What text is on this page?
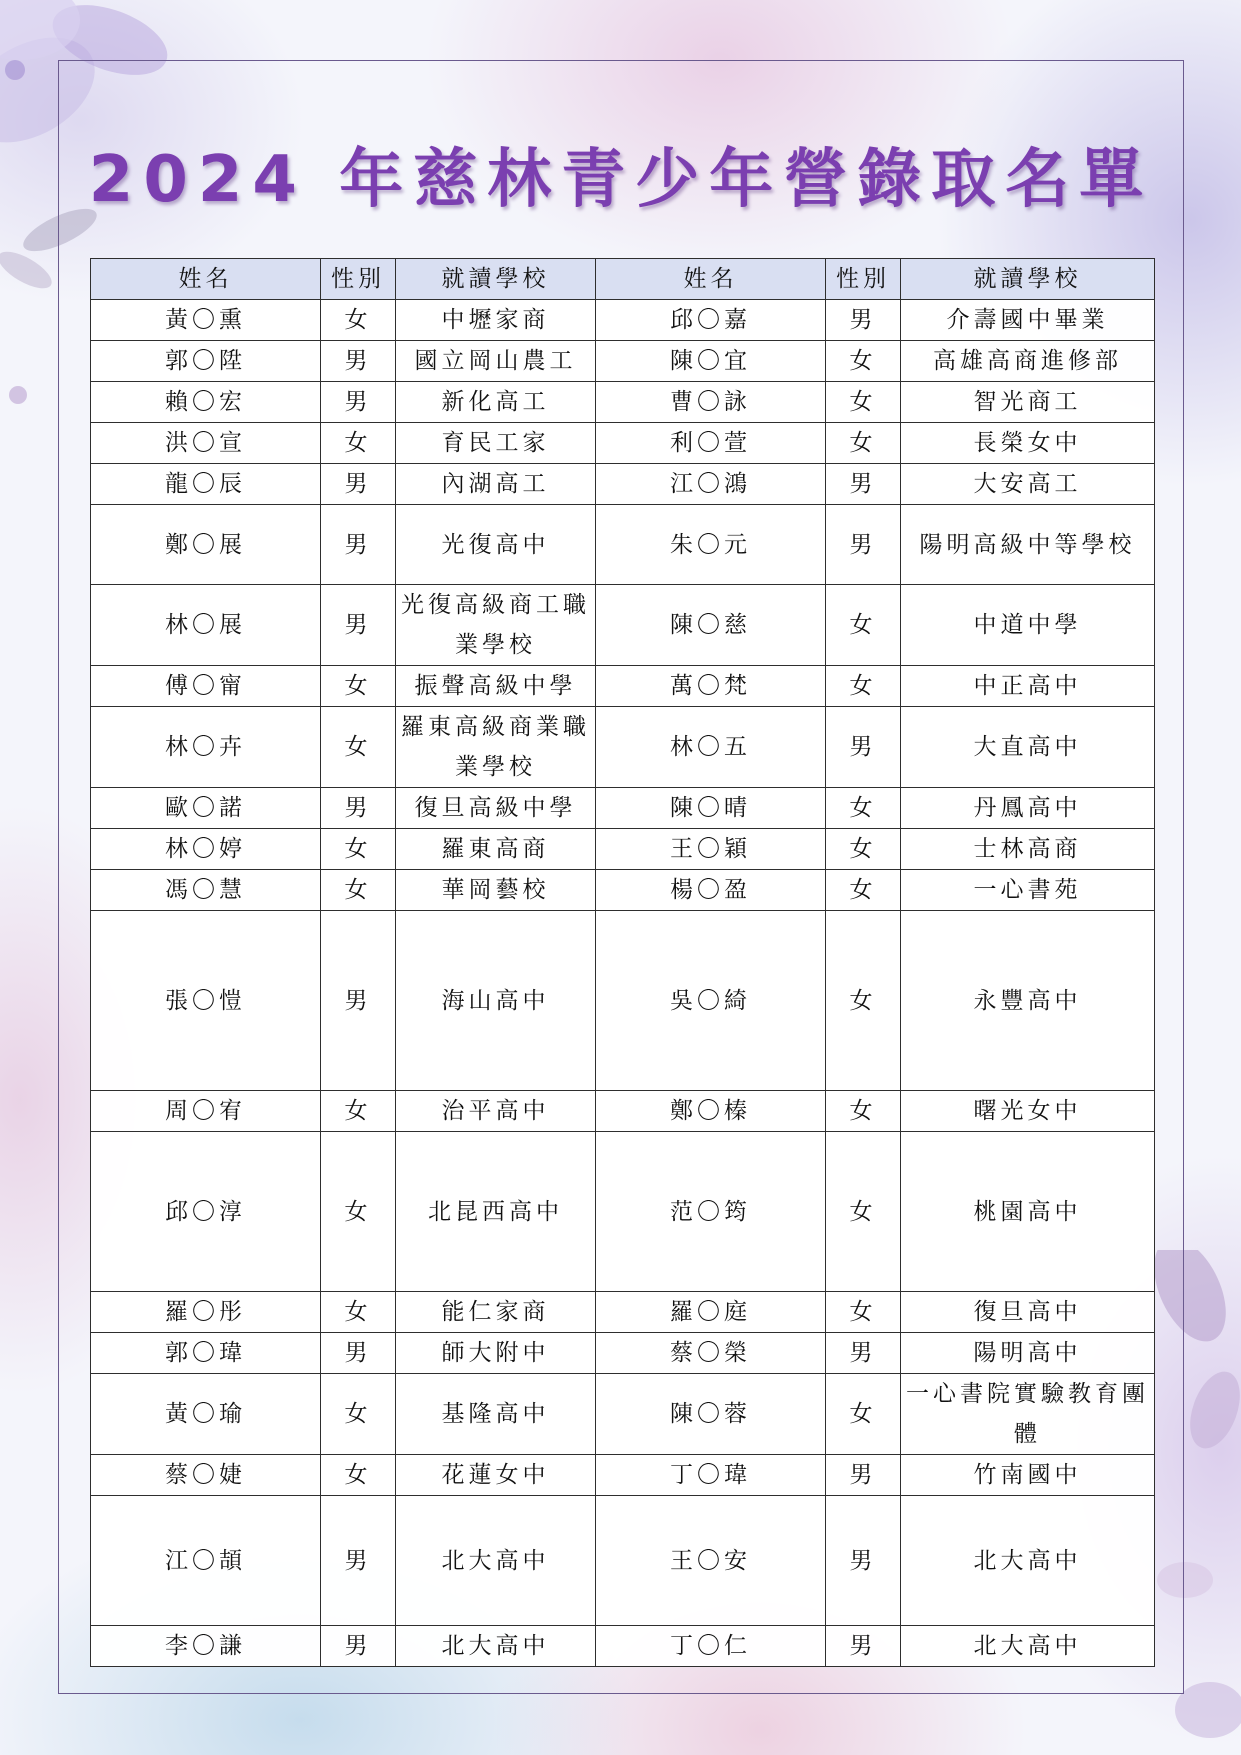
2024 年慈林青少年營錄取名單
姓名	性別	就讀學校	姓名	性別	就讀學校
黃〇熏	女	中壢家商	邱〇嘉	男	介壽國中畢業
郭〇陞	男	國立岡山農工	陳〇宜	女	高雄高商進修部
賴〇宏	男	新化高工	曹〇詠	女	智光商工
洪〇宣	女	育民工家	利〇萱	女	長榮女中
龍〇辰	男	內湖高工	江〇鴻	男	大安高工
鄭〇展	男	光復高中	朱〇元	男	陽明高級中等學校
林〇展	男	光復高級商工職業學校	陳〇慈	女	中道中學
傅〇甯	女	振聲高級中學	萬〇梵	女	中正高中
林〇卉	女	羅東高級商業職業學校	林〇五	男	大直高中
歐〇諾	男	復旦高級中學	陳〇晴	女	丹鳳高中
林〇婷	女	羅東高商	王〇穎	女	士林高商
馮〇慧	女	華岡藝校	楊〇盈	女	一心書苑
張〇愷	男	海山高中	吳〇綺	女	永豐高中
周〇宥	女	治平高中	鄭〇榛	女	曙光女中
邱〇淳	女	北昆西高中	范〇筠	女	桃園高中
羅〇彤	女	能仁家商	羅〇庭	女	復旦高中
郭〇瑋	男	師大附中	蔡〇榮	男	陽明高中
黃〇瑜	女	基隆高中	陳〇蓉	女	一心書院實驗教育團體
蔡〇婕	女	花蓮女中	丁〇瑋	男	竹南國中
江〇頡	男	北大高中	王〇安	男	北大高中
李〇謙	男	北大高中	丁〇仁	男	北大高中
